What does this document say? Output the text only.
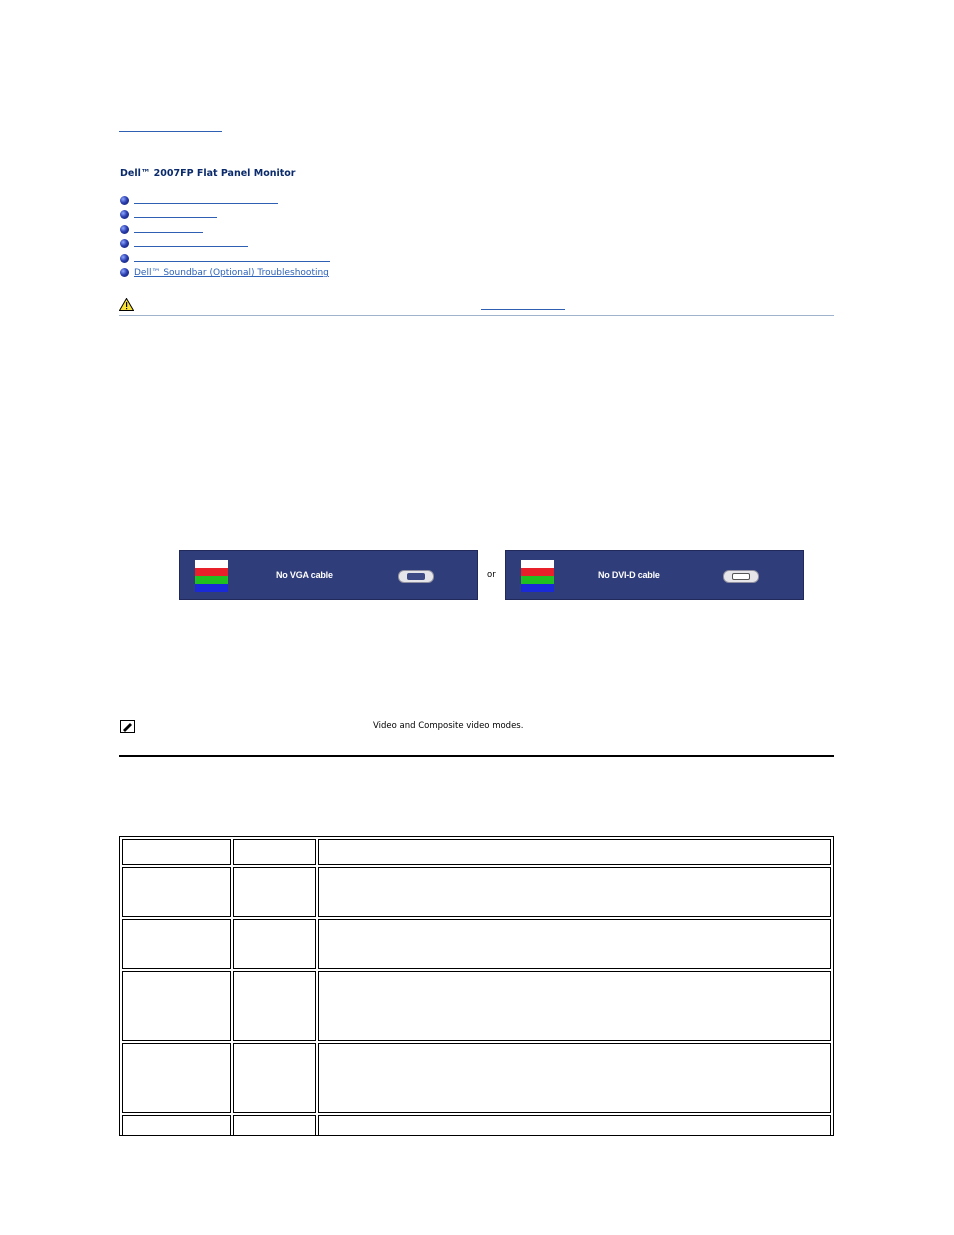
Dell™ 2007FP Flat Panel Monitor
Dell™ Soundbar (Optional) Troubleshooting
No VGA cable	or	No DVI-D cable
Video and Composite video modes.
